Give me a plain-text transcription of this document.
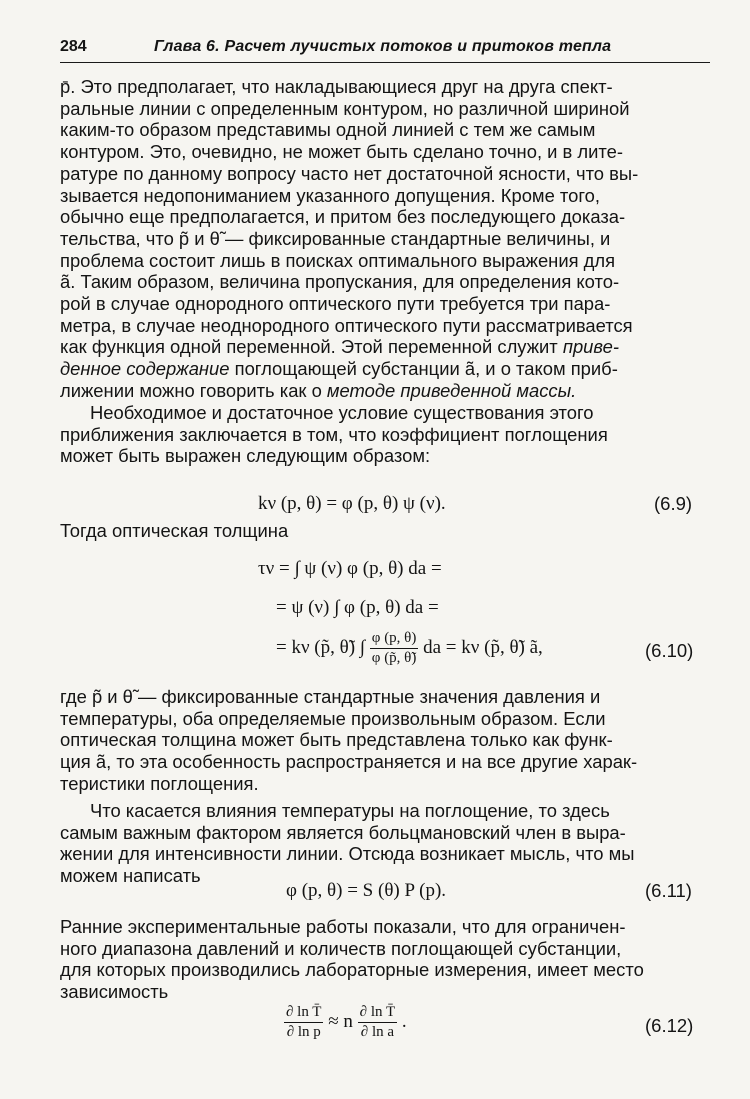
284	Глава 6. Расчет лучистых потоков и притоков тепла

p̄. Это предполагает, что накладывающиеся друг на друга спект-

ральные линии с определенным контуром, но различной шириной

каким-то образом представимы одной линией с тем же самым

контуром. Это, очевидно, не может быть сделано точно, и в лите-

ратуре по данному вопросу часто нет достаточной ясности, что вы-

зывается недопониманием указанного допущения. Кроме того,

обычно еще предполагается, и притом без последующего доказа-

тельства, что p̃ и θ̃ — фиксированные стандартные величины, и

проблема состоит лишь в поисках оптимального выражения для

ã. Таким образом, величина пропускания, для определения кото-

рой в случае однородного оптического пути требуется три пара-

метра, в случае неоднородного оптического пути рассматривается

как функция одной переменной. Этой переменной служит приве-

денное содержание поглощающей субстанции ã, и о таком приб-

лижении можно говорить как о методе приведенной массы.

Необходимое и достаточное условие существования этого

приближения заключается в том, что коэффициент поглощения

может быть выражен следующим образом:

kν (p, θ) = φ (p, θ) ψ (ν).	(6.9)
Тогда оптическая толщина
τν = ∫ ψ (ν) φ (p, θ) da =
= ψ (ν) ∫ φ (p, θ) da =
= kν (p̃, θ̃) ∫ $\frac{\varphi (p, \theta)}{\varphi (p̃, \thetã)}$ da = kν (p̃, θ̃) ã,	(6.10)

где p̃ и θ̃ — фиксированные стандартные значения давления и

температуры, оба определяемые произвольным образом. Если

оптическая толщина может быть представлена только как функ-

ция ã, то эта особенность распространяется и на все другие харак-

теристики поглощения.

Что касается влияния температуры на поглощение, то здесь

самым важным фактором является больцмановский член в выра-

жении для интенсивности линии. Отсюда возникает мысль, что мы

можем написать

φ (p, θ) = S (θ) P (p).	(6.11)

Ранние экспериментальные работы показали, что для ограничен-

ного диапазона давлений и количеств поглощающей субстанции,

для которых производились лабораторные измерения, имеет место

зависимость

$\frac{\text{∂ ln T̄}}{\text{∂ ln p}} \approx n \frac{\text{∂ ln T̄}}{\text{∂ ln a}}$ .	(6.12)
